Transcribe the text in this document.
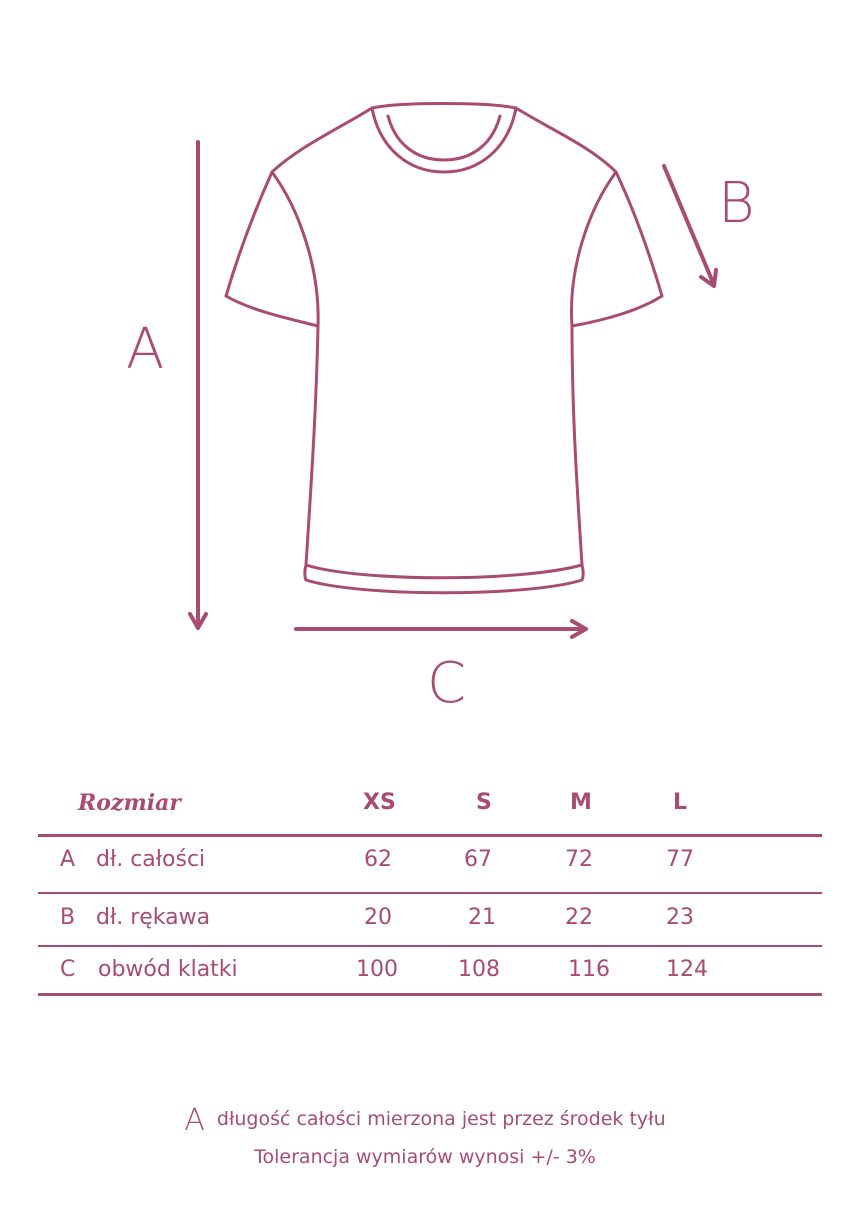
A
B
C
Rozmiar	XS	S	M	L
A dł. całości	62	67	72	77
B dł. rękawa	20	21	22	23
C obwód klatki	100	108	116	124
Adługość całości mierzona jest przez środek tyłu
Tolerancja wymiarów wynosi +/- 3%
